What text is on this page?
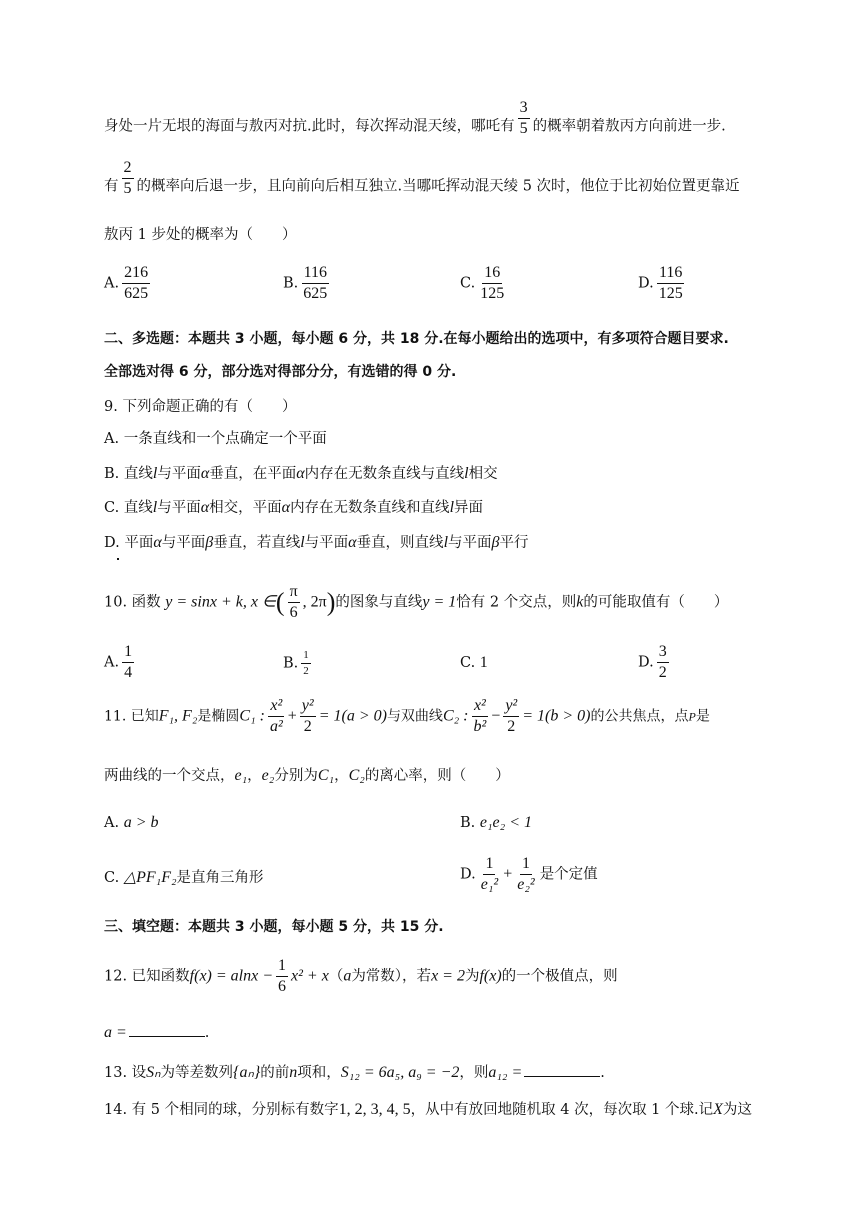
身处一片无垠的海面与敖丙对抗.此时，每次挥动混天绫，哪吒有 $\frac{3}{5}$ 的概率朝着敖丙方向前进一步.
有 $\frac{2}{5}$ 的概率向后退一步，且向前向后相互独立.当哪吒挥动混天绫 5 次时，他位于比初始位置更靠近
敖丙 1 步处的概率为（　　）
A. $\frac{216}{625}$	B. $\frac{116}{625}$	C. $\frac{16}{125}$	D. $\frac{116}{125}$
二、多选题：本题共 3 小题，每小题 6 分，共 18 分.在每小题给出的选项中，有多项符合题目要求.
全部选对得 6 分，部分选对得部分分，有选错的得 0 分.
9. 下列命题正确的有（　　）
A. 一条直线和一个点确定一个平面
B. 直线l与平面α垂直，在平面α内存在无数条直线与直线l相交
C. 直线l与平面α相交，平面α内存在无数条直线和直线l异面
D. 平面α与平面β垂直，若直线l与平面α垂直，则直线l与平面β平行
10. 函数 y = sinx + k, x ∈( $\frac{\pi}{6}$ , 2π)的图象与直线y = 1恰有 2 个交点，则k的可能取值有（　　）
A. $\frac{1}{4}$	B. $\frac{1}{2}$	C. 1	D. $\frac{3}{2}$
11. 已知F₁, F₂是椭圆C₁ : $\frac{\text{x²}}{\text{a²}} + \frac{\text{y²}}{2} = 1(a > 0)$与双曲线C₂ : $\frac{\text{x²}}{\text{b²}} - \frac{\text{y²}}{2} = 1(b > 0)$的公共焦点，点P是
两曲线的一个交点，e₁，e₂分别为C₁，C₂的离心率，则（　　）
A. a > b	B. e₁e₂ < 1
C. △PF₁F₂是直角三角形	D. $\frac{1}{\text{e₁²}} + \frac{1}{\text{e₂²}}$ 是个定值
三、填空题：本题共 3 小题，每小题 5 分，共 15 分.
12. 已知函数$f(x) = alnx - \frac{1}{6} x^2 + x(a$为常数），若x = 2为f(x)的一个极值点，则
a =	.
13. 设Sₙ为等差数列{aₙ}的前n项和，S₁₂ = 6a₅, a₉ = −2，则a₁₂ =	.
14. 有 5 个相同的球，分别标有数字1, 2, 3, 4, 5，从中有放回地随机取 4 次，每次取 1 个球.记X为这
